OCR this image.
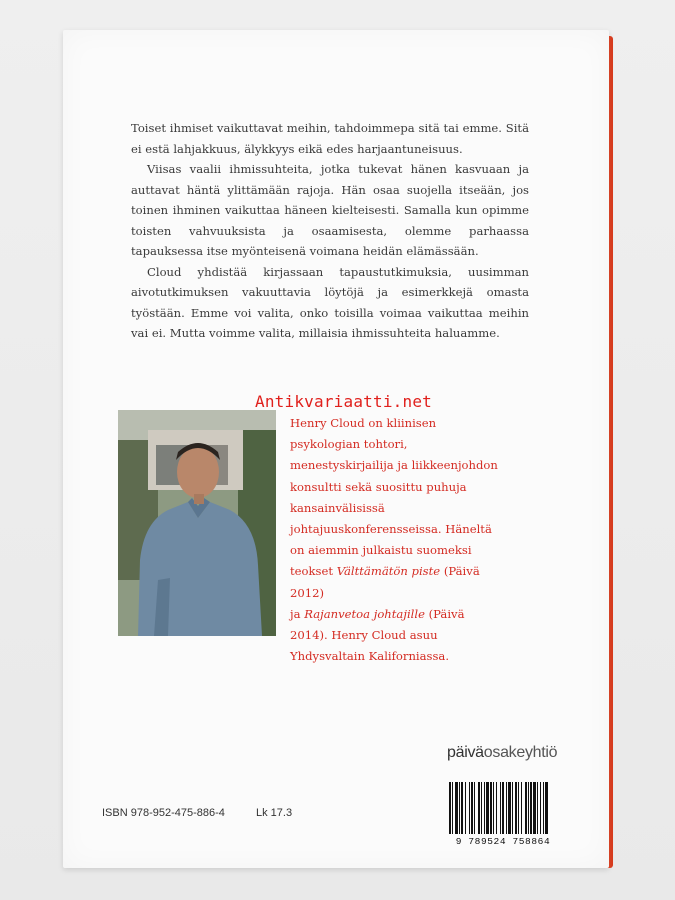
Toiset ihmiset vaikuttavat meihin, tahdoimmepa sitä tai emme. Sitä ei estä lahjakkuus, älykkyys eikä edes harjaantuneisuus.

Viisas vaalii ihmissuhteita, jotka tukevat hänen kasvuaan ja auttavat häntä ylittämään rajoja. Hän osaa suojella itseään, jos toinen ihminen vaikuttaa häneen kielteisesti. Samalla kun opimme toisten vahvuuksista ja osaamisesta, olemme parhaassa tapauksessa itse myönteisenä voimana heidän elämässään.

Cloud yhdistää kirjassaan tapaustutkimuksia, uusimman aivotutkimuksen vakuuttavia löytöjä ja esimerkkejä omasta työstään. Emme voi valita, onko toisilla voimaa vaikuttaa meihin vai ei. Mutta voimme valita, millaisia ihmissuhteita haluamme.

Antikvariaatti.net
Henry Cloud on kliinisen psykologian tohtori, menestyskirjailija ja liikkeenjohdon konsultti sekä suosittu puhuja kansainvälisissä johtajuuskonferensseissa. Häneltä on aiemmin julkaistu suomeksi teokset Välttämätön piste (Päivä 2012)
ja Rajanvetoa johtajille (Päivä 2014). Henry Cloud asuu Yhdysvaltain Kaliforniassa.
päiväosakeyhtiö
ISBN 978-952-475-886-4	Lk 17.3
9 789524 758864
